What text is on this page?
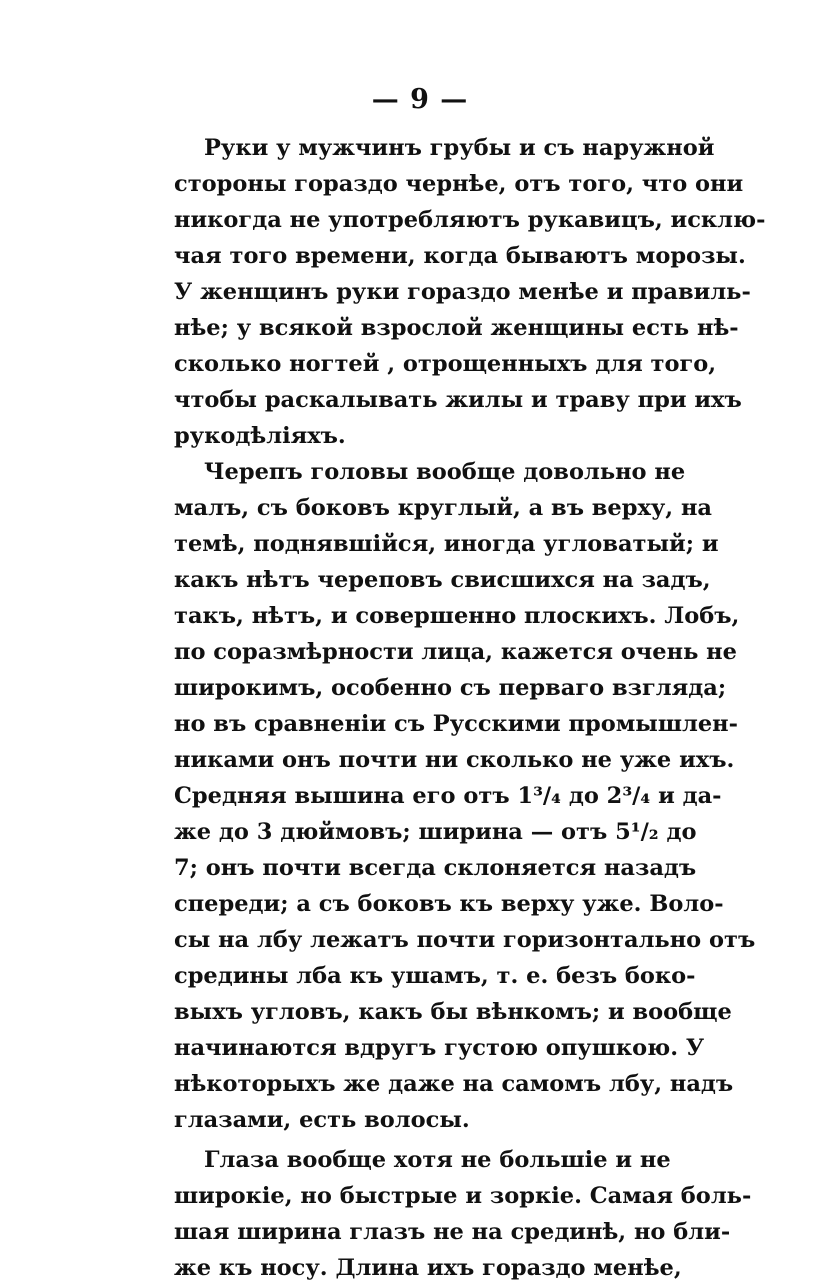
— 9 —
Руки у мужчинъ грубы и съ наружной
стороны гораздо чернѣе, отъ того, что они
никогда не употребляютъ рукавицъ, исклю-
чая того времени, когда бываютъ морозы.
У женщинъ руки гораздо менѣе и правиль-
нѣе; у всякой взрослой женщины есть нѣ-
сколько ногтей , отрощенныхъ для того,
чтобы раскалывать жилы и траву при ихъ
рукодѣліяхъ.
Черепъ головы вообще довольно не
малъ, съ боковъ круглый, а въ верху, на
темѣ, поднявшійся, иногда угловатый; и
какъ нѣтъ череповъ свисшихся на задъ,
такъ, нѣтъ, и совершенно плоскихъ. Лобъ,
по соразмѣрности лица, кажется очень не
широкимъ, особенно съ перваго взгляда;
но въ сравненіи съ Русскими промышлен-
никами онъ почти ни сколько не уже ихъ.
Средняя вышина его отъ 1³/₄ до 2³/₄ и да-
же до 3 дюймовъ; ширина — отъ 5¹/₂ до
7; онъ почти всегда склоняется назадъ
спереди; а съ боковъ къ верху уже. Воло-
сы на лбу лежатъ почти горизонтально отъ
средины лба къ ушамъ, т. е. безъ боко-
выхъ угловъ, какъ бы вѣнкомъ; и вообще
начинаются вдругъ густою опушкою. У
нѣкоторыхъ же даже на самомъ лбу, надъ
глазами, есть волосы.
Глаза вообще хотя не большіе и не
широкіе, но быстрые и зоркіе. Самая боль-
шая ширина глазъ не на срединѣ, но бли-
же къ носу. Длина ихъ гораздо менѣе,
